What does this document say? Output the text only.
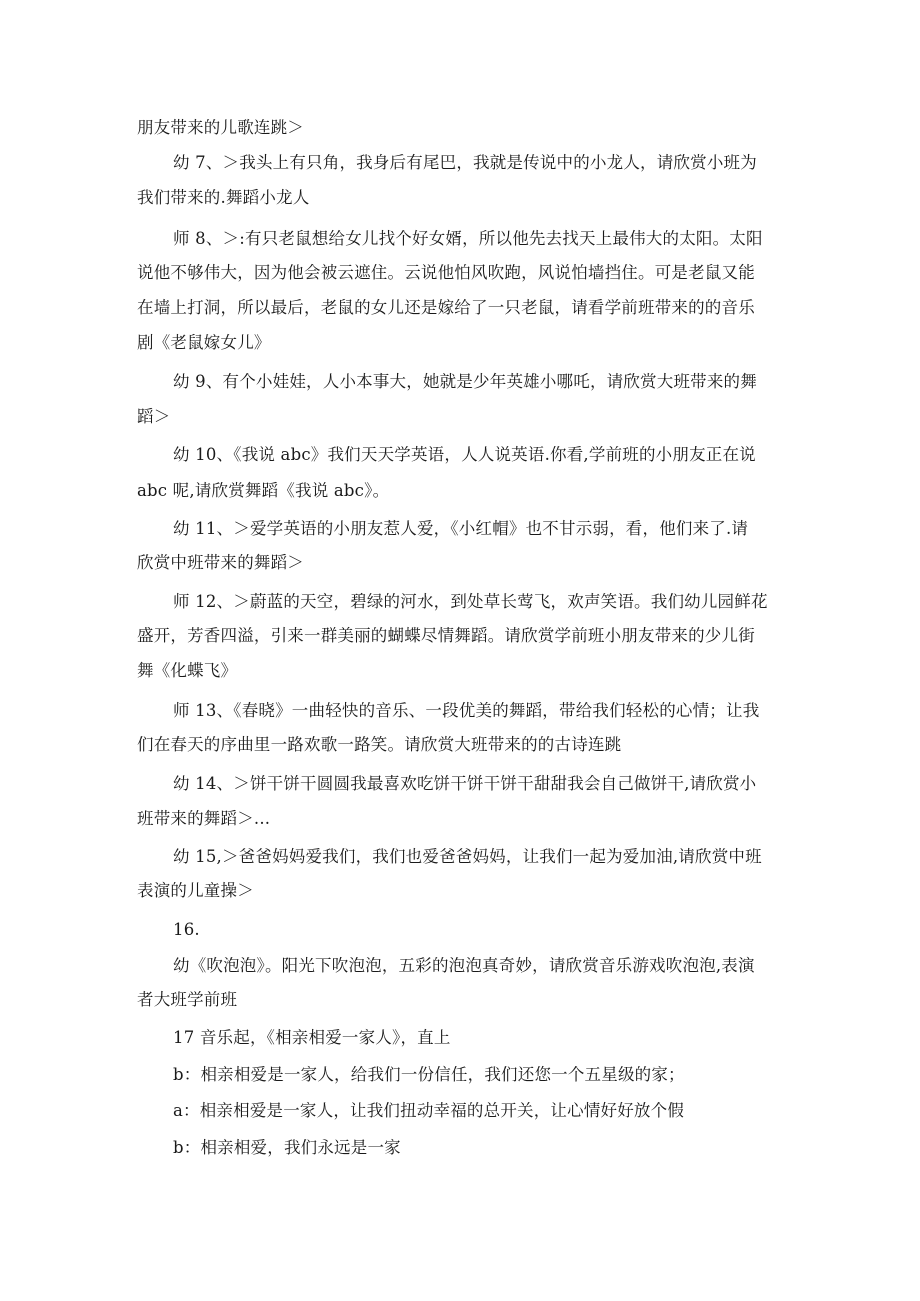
朋友带来的儿歌连跳＞
幼 7、＞我头上有只角，我身后有尾巴，我就是传说中的小龙人，请欣赏小班为
我们带来的.舞蹈小龙人
师 8、＞:有只老鼠想给女儿找个好女婿，所以他先去找天上最伟大的太阳。太阳
说他不够伟大，因为他会被云遮住。云说他怕风吹跑，风说怕墙挡住。可是老鼠又能
在墙上打洞，所以最后，老鼠的女儿还是嫁给了一只老鼠，请看学前班带来的的音乐
剧《老鼠嫁女儿》
幼 9、有个小娃娃，人小本事大，她就是少年英雄小哪吒，请欣赏大班带来的舞
蹈＞
幼 10、《我说 abc》我们天天学英语，人人说英语.你看,学前班的小朋友正在说
abc 呢,请欣赏舞蹈《我说 abc》。
幼 11、＞爱学英语的小朋友惹人爱，《小红帽》也不甘示弱，看，他们来了.请
欣赏中班带来的舞蹈＞
师 12、＞蔚蓝的天空，碧绿的河水，到处草长莺飞，欢声笑语。我们幼儿园鲜花
盛开，芳香四溢，引来一群美丽的蝴蝶尽情舞蹈。请欣赏学前班小朋友带来的少儿街
舞《化蝶飞》
师 13、《春晓》一曲轻快的音乐、一段优美的舞蹈，带给我们轻松的心情；让我
们在春天的序曲里一路欢歌一路笑。请欣赏大班带来的的古诗连跳
幼 14、＞饼干饼干圆圆我最喜欢吃饼干饼干饼干甜甜我会自己做饼干,请欣赏小
班带来的舞蹈＞...
幼 15,＞爸爸妈妈爱我们，我们也爱爸爸妈妈，让我们一起为爱加油,请欣赏中班
表演的儿童操＞
16.
幼《吹泡泡》。阳光下吹泡泡，五彩的泡泡真奇妙，请欣赏音乐游戏吹泡泡,表演
者大班学前班
17 音乐起，《相亲相爱一家人》，直上
b：相亲相爱是一家人，给我们一份信任，我们还您一个五星级的家；
a：相亲相爱是一家人，让我们扭动幸福的总开关，让心情好好放个假
b：相亲相爱，我们永远是一家
